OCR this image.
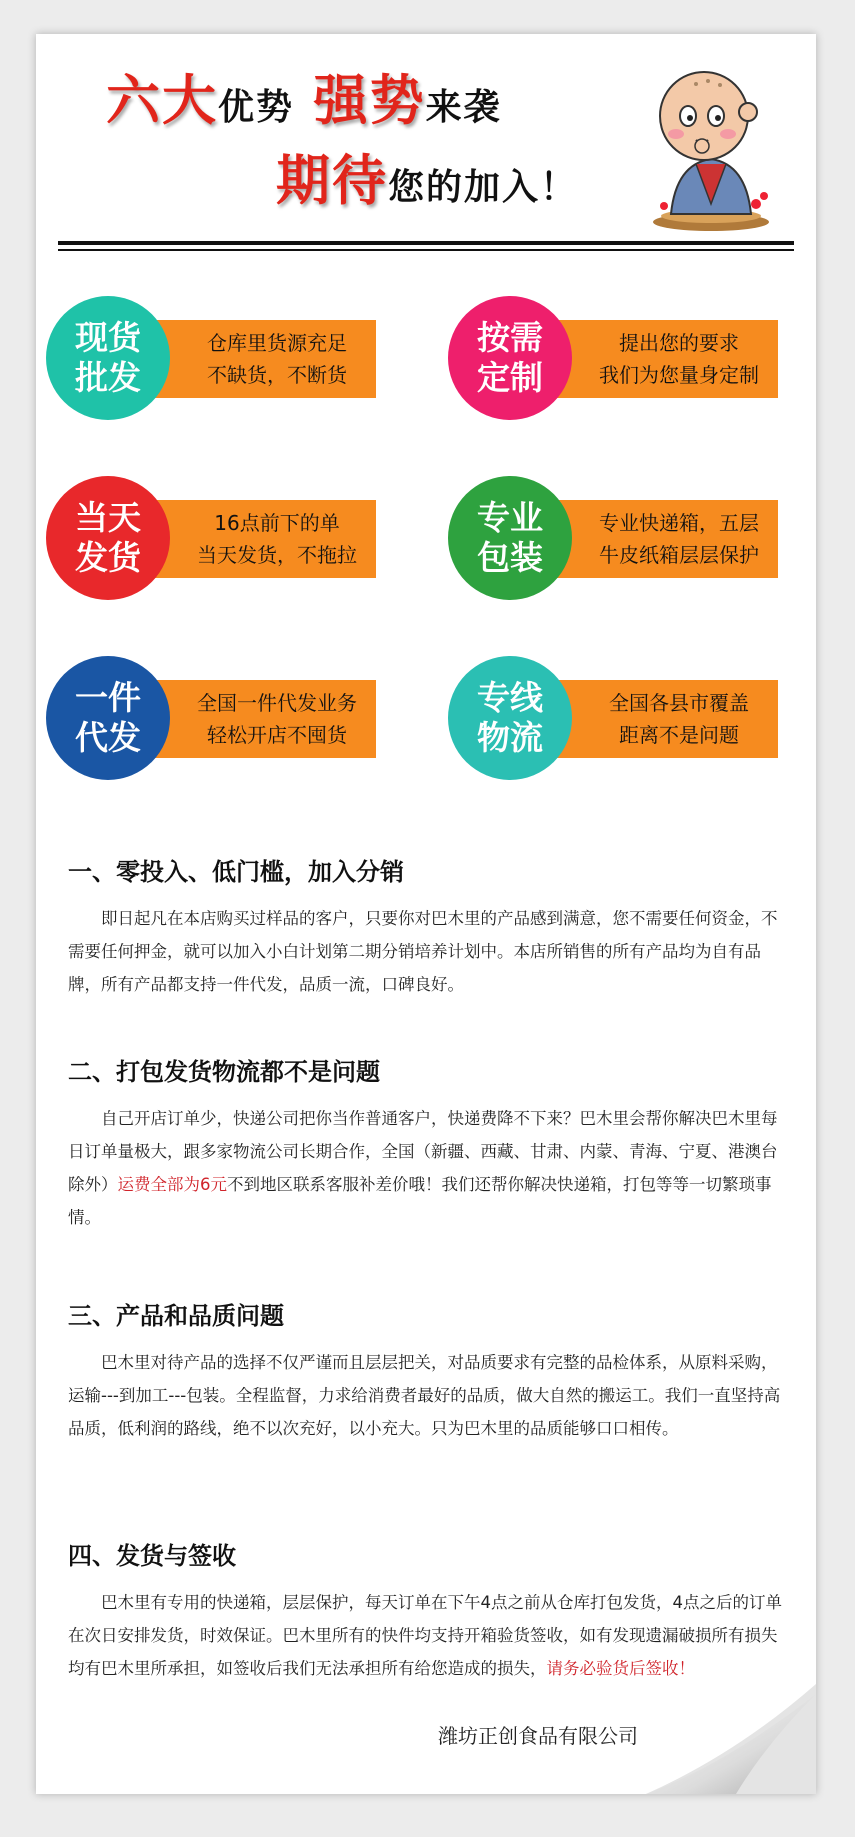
六大优势 强势来袭
期待您的加入！
现货
批发
仓库里货源充足
不缺货，不断货
按需
定制
提出您的要求
我们为您量身定制
当天
发货
16点前下的单
当天发货，不拖拉
专业
包装
专业快递箱，五层
牛皮纸箱层层保护
一件
代发
全国一件代发业务
轻松开店不囤货
专线
物流
全国各县市覆盖
距离不是问题
一、零投入、低门槛，加入分销
即日起凡在本店购买过样品的客户，只要你对巴木里的产品感到满意，您不需要任何资金，不需要任何押金，就可以加入小白计划第二期分销培养计划中。本店所销售的所有产品均为自有品牌，所有产品都支持一件代发，品质一流，口碑良好。
二、打包发货物流都不是问题
自己开店订单少，快递公司把你当作普通客户，快递费降不下来？巴木里会帮你解决巴木里每日订单量极大，跟多家物流公司长期合作，全国（新疆、西藏、甘肃、内蒙、青海、宁夏、港澳台除外）运费全部为6元不到地区联系客服补差价哦！我们还帮你解决快递箱，打包等等一切繁琐事情。
三、产品和品质问题
巴木里对待产品的选择不仅严谨而且层层把关，对品质要求有完整的品检体系，从原料采购，运输---到加工---包装。全程监督，力求给消费者最好的品质，做大自然的搬运工。我们一直坚持高品质，低利润的路线，绝不以次充好，以小充大。只为巴木里的品质能够口口相传。
四、发货与签收
巴木里有专用的快递箱，层层保护，每天订单在下午4点之前从仓库打包发货，4点之后的订单在次日安排发货，时效保证。巴木里所有的快件均支持开箱验货签收，如有发现遗漏破损所有损失均有巴木里所承担，如签收后我们无法承担所有给您造成的损失，请务必验货后签收！
潍坊正创食品有限公司
